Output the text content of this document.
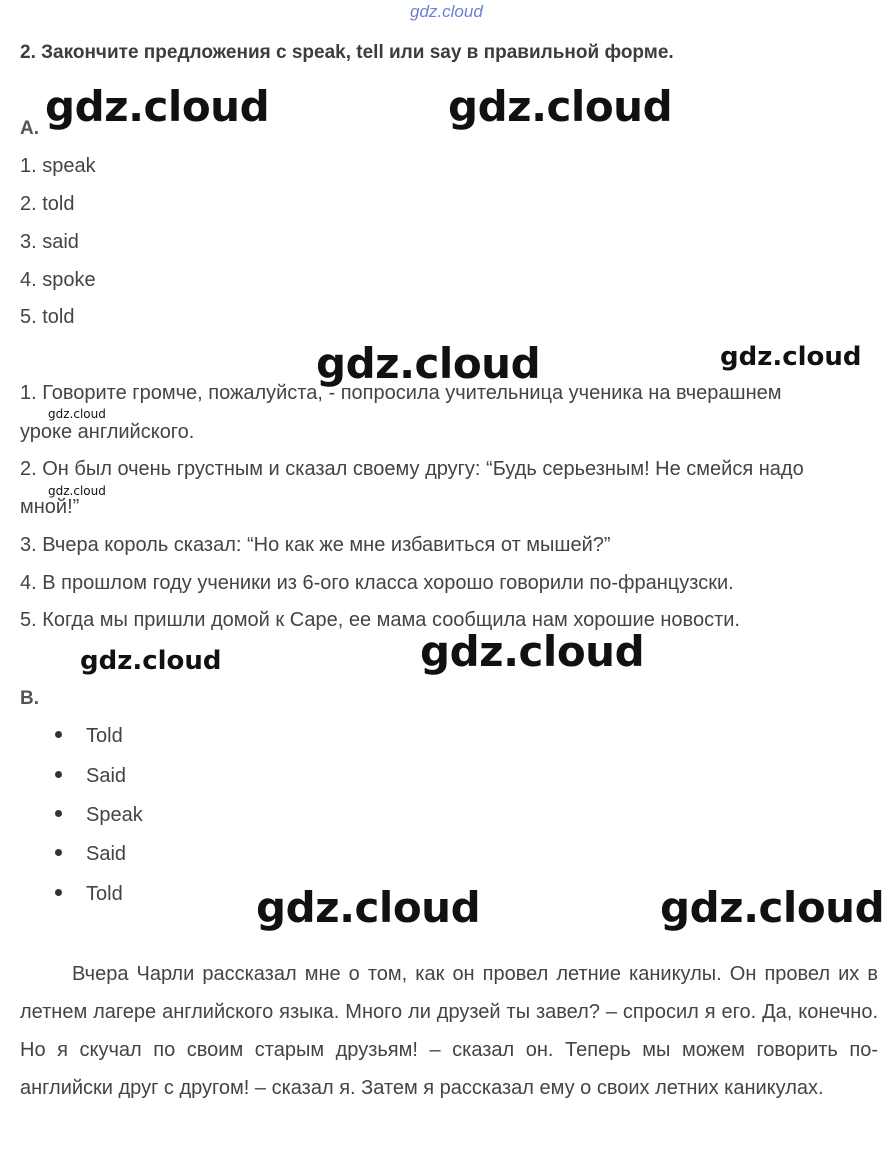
gdz.cloud
2. Закончите предложения с speak, tell или say в правильной форме.
A.
1. speak
2. told
3. said
4. spoke
5. told
1. Говорите громче, пожалуйста, - попросила учительница ученика на вчерашнем
уроке английского.
2. Он был очень грустным и сказал своему другу: “Будь серьезным! Не смейся надо
мной!”
3. Вчера король сказал: “Но как же мне избавиться от мышей?”
4. В прошлом году ученики из 6-ого класса хорошо говорили по-французски.
5. Когда мы пришли домой к Саре, ее мама сообщила нам хорошие новости.
B.
Told
Said
Speak
Said
Told
Вчера Чарли рассказал мне о том, как он провел летние каникулы. Он провел их в летнем лагере английского языка. Много ли друзей ты завел? – спросил я его. Да, конечно. Но я скучал по своим старым друзьям! – сказал он. Теперь мы можем говорить по-английски друг с другом! – сказал я. Затем я рассказал ему о своих летних каникулах.
gdz.cloud	gdz.cloud
gdz.cloud	gdz.cloud
gdz.cloud
gdz.cloud
gdz.cloud	gdz.cloud
gdz.cloud	gdz.cloud
